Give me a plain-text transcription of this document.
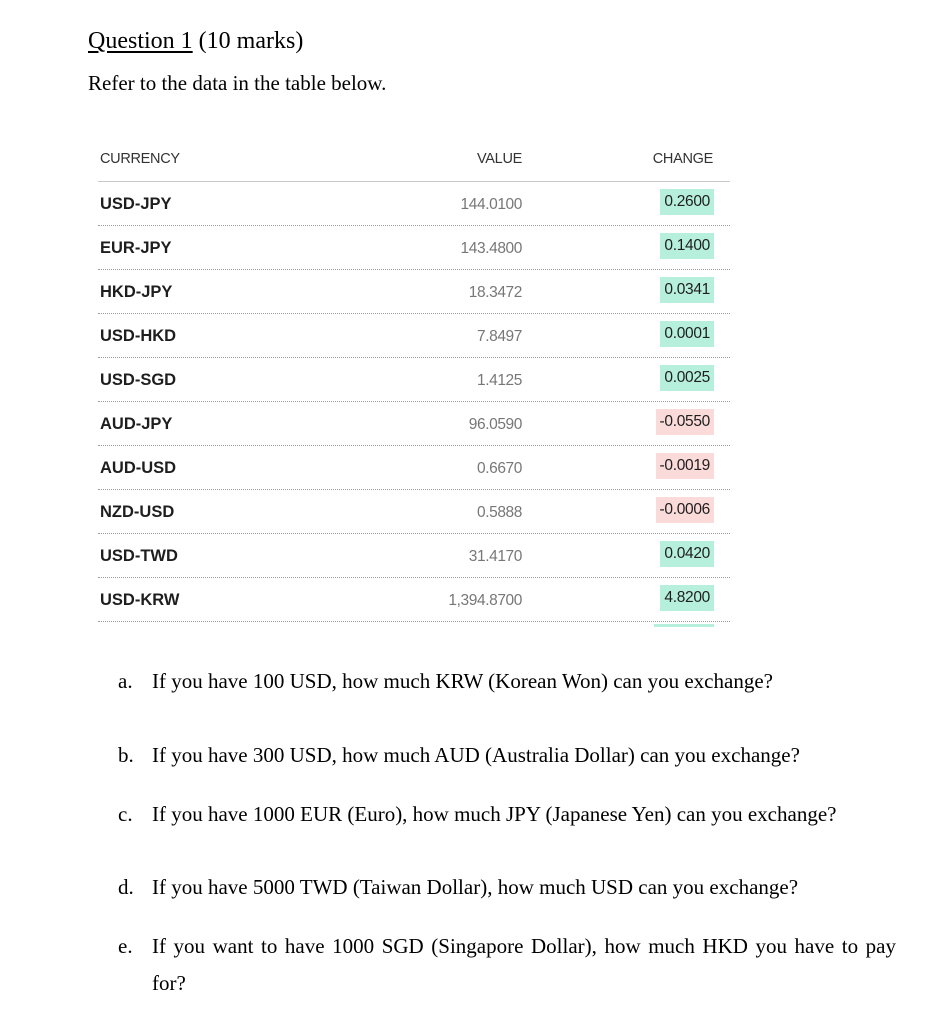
Question 1 (10 marks)
Refer to the data in the table below.
CURRENCY	VALUE	CHANGE
USD-JPY	144.0100	0.2600
EUR-JPY	143.4800	0.1400
HKD-JPY	18.3472	0.0341
USD-HKD	7.8497	0.0001
USD-SGD	1.4125	0.0025
AUD-JPY	96.0590	-0.0550
AUD-USD	0.6670	-0.0019
NZD-USD	0.5888	-0.0006
USD-TWD	31.4170	0.0420
USD-KRW	1,394.8700	4.8200
a. If you have 100 USD, how much KRW (Korean Won) can you exchange?
b. If you have 300 USD, how much AUD (Australia Dollar) can you exchange?
c. If you have 1000 EUR (Euro), how much JPY (Japanese Yen) can you exchange?
d. If you have 5000 TWD (Taiwan Dollar), how much USD can you exchange?
e. If you want to have 1000 SGD (Singapore Dollar), how much HKD you have to pay
for?
